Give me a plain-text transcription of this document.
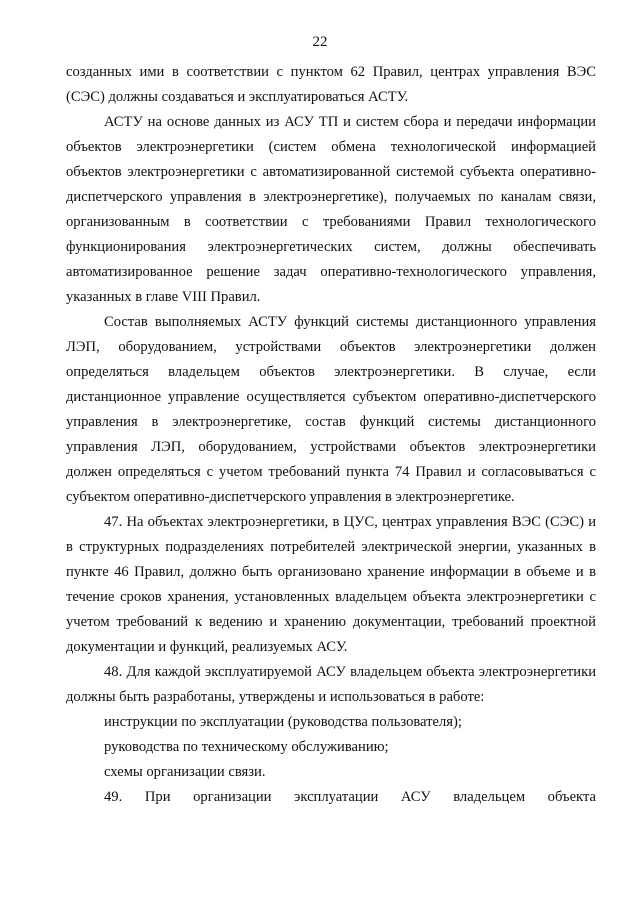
22

созданных ими в соответствии с пунктом 62 Правил, центрах управления ВЭС (СЭС) должны создаваться и эксплуатироваться АСТУ.

АСТУ на основе данных из АСУ ТП и систем сбора и передачи информации объектов электроэнергетики (систем обмена технологической информацией объектов электроэнергетики с автоматизированной системой субъекта оперативно-диспетчерского управления в электроэнергетике), получаемых по каналам связи, организованным в соответствии с требованиями Правил технологического функционирования электроэнергетических систем, должны обеспечивать автоматизированное решение задач оперативно-технологического управления, указанных в главе VIII Правил.

Состав выполняемых АСТУ функций системы дистанционного управления ЛЭП, оборудованием, устройствами объектов электроэнергетики должен определяться владельцем объектов электроэнергетики. В случае, если дистанционное управление осуществляется субъектом оперативно-диспетчерского управления в электроэнергетике, состав функций системы дистанционного управления ЛЭП, оборудованием, устройствами объектов электроэнергетики должен определяться с учетом требований пункта 74 Правил и согласовываться с субъектом оперативно-диспетчерского управления в электроэнергетике.

47. На объектах электроэнергетики, в ЦУС, центрах управления ВЭС (СЭС) и в структурных подразделениях потребителей электрической энергии, указанных в пункте 46 Правил, должно быть организовано хранение информации в объеме и в течение сроков хранения, установленных владельцем объекта электроэнергетики с учетом требований к ведению и хранению документации, требований проектной документации и функций, реализуемых АСУ.

48. Для каждой эксплуатируемой АСУ владельцем объекта электроэнергетики должны быть разработаны, утверждены и использоваться в работе:

инструкции по эксплуатации (руководства пользователя);

руководства по техническому обслуживанию;

схемы организации связи.

49. При организации эксплуатации АСУ владельцем объекта
